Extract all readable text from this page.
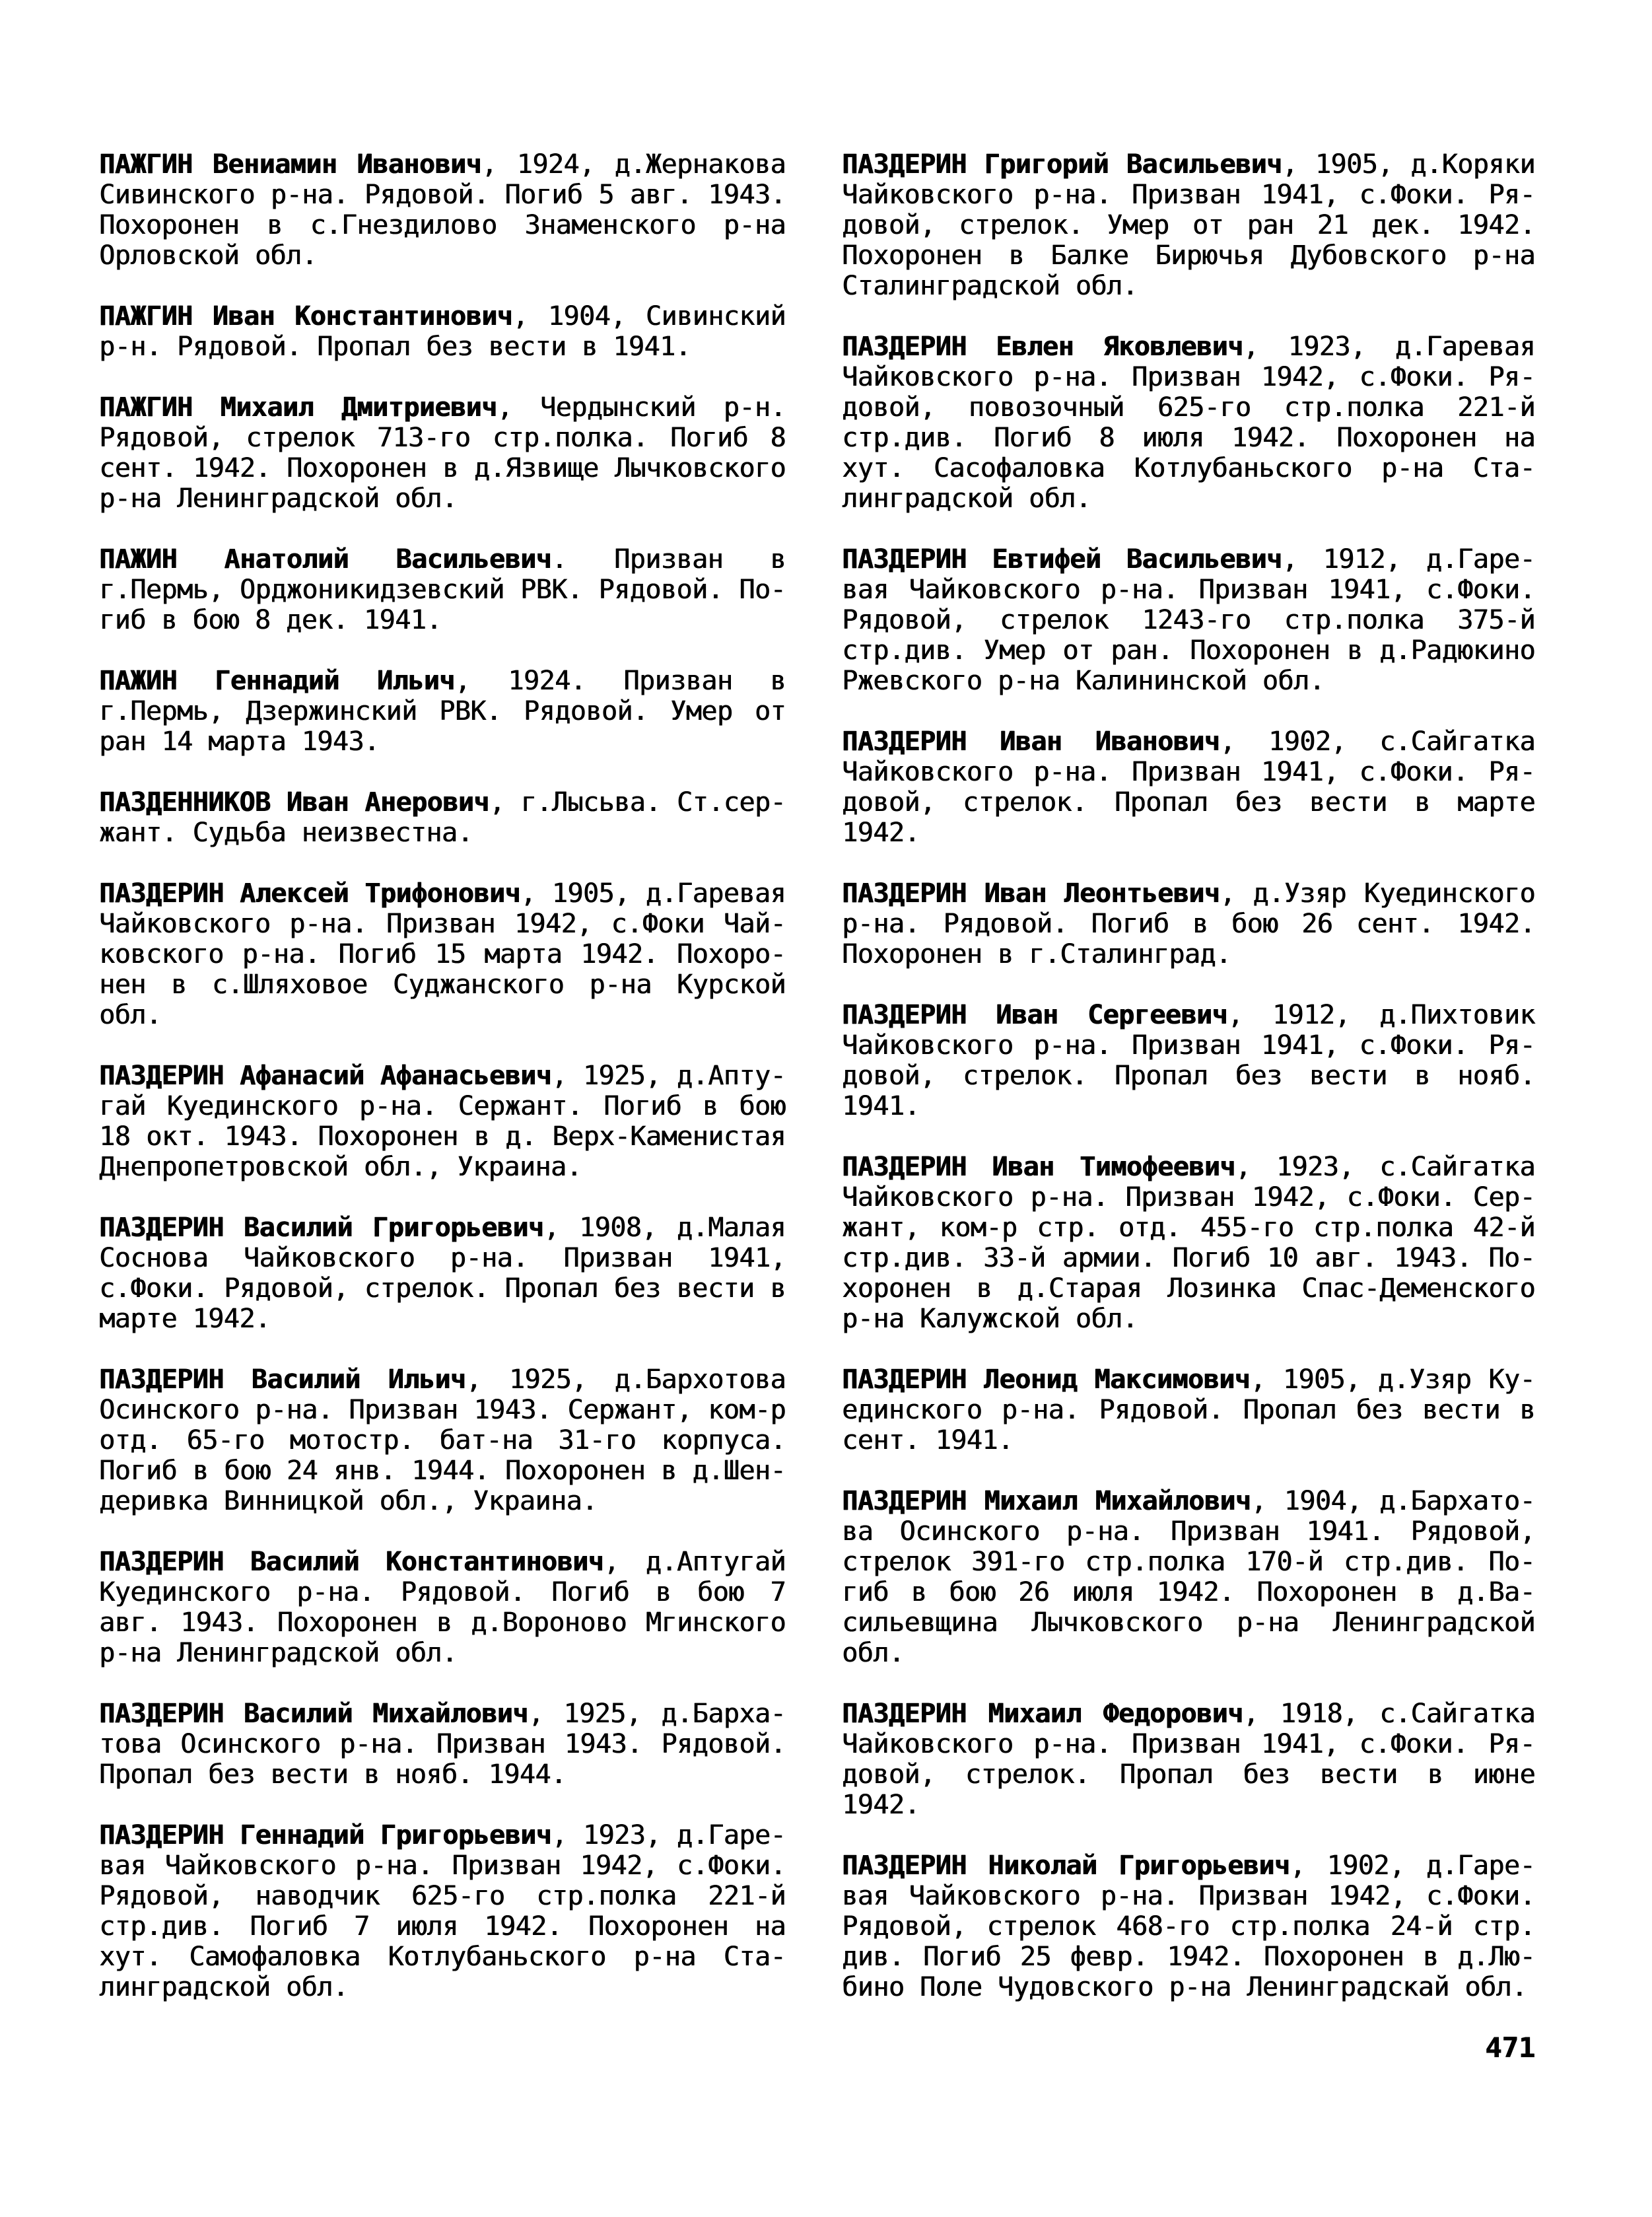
ПАЖГИН Вениамин Иванович, 1924, д.Жернакова
Сивинского р-на. Рядовой. Погиб 5 авг. 1943.
Похоронен в с.Гнездилово Знаменского р-на
Орловской обл.
ПАЖГИН Иван Константинович, 1904, Сивинский
р-н. Рядовой. Пропал без вести в 1941.
ПАЖГИН Михаил Дмитриевич, Чердынский р-н.
Рядовой, стрелок 713-го стр.полка. Погиб 8
сент. 1942. Похоронен в д.Язвище Лычковского
р-на Ленинградской обл.
ПАЖИН Анатолий Васильевич. Призван в
г.Пермь, Орджоникидзевский РВК. Рядовой. По-
гиб в бою 8 дек. 1941.
ПАЖИН Геннадий Ильич, 1924. Призван в
г.Пермь, Дзержинский РВК. Рядовой. Умер от
ран 14 марта 1943.
ПАЗДЕННИКОВ Иван Анерович, г.Лысьва. Ст.сер-
жант. Судьба неизвестна.
ПАЗДЕРИН Алексей Трифонович, 1905, д.Гаревая
Чайковского р-на. Призван 1942, с.Фоки Чай-
ковского р-на. Погиб 15 марта 1942. Похоро-
нен в с.Шляховое Суджанского р-на Курской
обл.
ПАЗДЕРИН Афанасий Афанасьевич, 1925, д.Апту-
гай Куединского р-на. Сержант. Погиб в бою
18 окт. 1943. Похоронен в д. Верх-Каменистая
Днепропетровской обл., Украина.
ПАЗДЕРИН Василий Григорьевич, 1908, д.Малая
Соснова Чайковского р-на. Призван 1941,
с.Фоки. Рядовой, стрелок. Пропал без вести в
марте 1942.
ПАЗДЕРИН Василий Ильич, 1925, д.Бархотова
Осинского р-на. Призван 1943. Сержант, ком-р
отд. 65-го мотостр. бат-на 31-го корпуса.
Погиб в бою 24 янв. 1944. Похоронен в д.Шен-
деривка Винницкой обл., Украина.
ПАЗДЕРИН Василий Константинович, д.Аптугай
Куединского р-на. Рядовой. Погиб в бою 7
авг. 1943. Похоронен в д.Вороново Мгинского
р-на Ленинградской обл.
ПАЗДЕРИН Василий Михайлович, 1925, д.Барха-
това Осинского р-на. Призван 1943. Рядовой.
Пропал без вести в нояб. 1944.
ПАЗДЕРИН Геннадий Григорьевич, 1923, д.Гаре-
вая Чайковского р-на. Призван 1942, с.Фоки.
Рядовой, наводчик 625-го стр.полка 221-й
стр.див. Погиб 7 июля 1942. Похоронен на
хут. Самофаловка Котлубаньского р-на Ста-
линградской обл.
ПАЗДЕРИН Григорий Васильевич, 1905, д.Коряки
Чайковского р-на. Призван 1941, с.Фоки. Ря-
довой, стрелок. Умер от ран 21 дек. 1942.
Похоронен в Балке Бирючья Дубовского р-на
Сталинградской обл.
ПАЗДЕРИН Евлен Яковлевич, 1923, д.Гаревая
Чайковского р-на. Призван 1942, с.Фоки. Ря-
довой, повозочный 625-го стр.полка 221-й
стр.див. Погиб 8 июля 1942. Похоронен на
хут. Сасофаловка Котлубаньского р-на Ста-
линградской обл.
ПАЗДЕРИН Евтифей Васильевич, 1912, д.Гаре-
вая Чайковского р-на. Призван 1941, с.Фоки.
Рядовой, стрелок 1243-го стр.полка 375-й
стр.див. Умер от ран. Похоронен в д.Радюкино
Ржевского р-на Калининской обл.
ПАЗДЕРИН Иван Иванович, 1902, с.Сайгатка
Чайковского р-на. Призван 1941, с.Фоки. Ря-
довой, стрелок. Пропал без вести в марте
1942.
ПАЗДЕРИН Иван Леонтьевич, д.Узяр Куединского
р-на. Рядовой. Погиб в бою 26 сент. 1942.
Похоронен в г.Сталинград.
ПАЗДЕРИН Иван Сергеевич, 1912, д.Пихтовик
Чайковского р-на. Призван 1941, с.Фоки. Ря-
довой, стрелок. Пропал без вести в нояб.
1941.
ПАЗДЕРИН Иван Тимофеевич, 1923, с.Сайгатка
Чайковского р-на. Призван 1942, с.Фоки. Сер-
жант, ком-р стр. отд. 455-го стр.полка 42-й
стр.див. 33-й армии. Погиб 10 авг. 1943. По-
хоронен в д.Старая Лозинка Спас-Деменского
р-на Калужской обл.
ПАЗДЕРИН Леонид Максимович, 1905, д.Узяр Ку-
единского р-на. Рядовой. Пропал без вести в
сент. 1941.
ПАЗДЕРИН Михаил Михайлович, 1904, д.Бархато-
ва Осинского р-на. Призван 1941. Рядовой,
стрелок 391-го стр.полка 170-й стр.див. По-
гиб в бою 26 июля 1942. Похоронен в д.Ва-
сильевщина Лычковского р-на Ленинградской
обл.
ПАЗДЕРИН Михаил Федорович, 1918, с.Сайгатка
Чайковского р-на. Призван 1941, с.Фоки. Ря-
довой, стрелок. Пропал без вести в июне
1942.
ПАЗДЕРИН Николай Григорьевич, 1902, д.Гаре-
вая Чайковского р-на. Призван 1942, с.Фоки.
Рядовой, стрелок 468-го стр.полка 24-й стр.
див. Погиб 25 февр. 1942. Похоронен в д.Лю-
бино Поле Чудовского р-на Ленинградскай обл.
471
